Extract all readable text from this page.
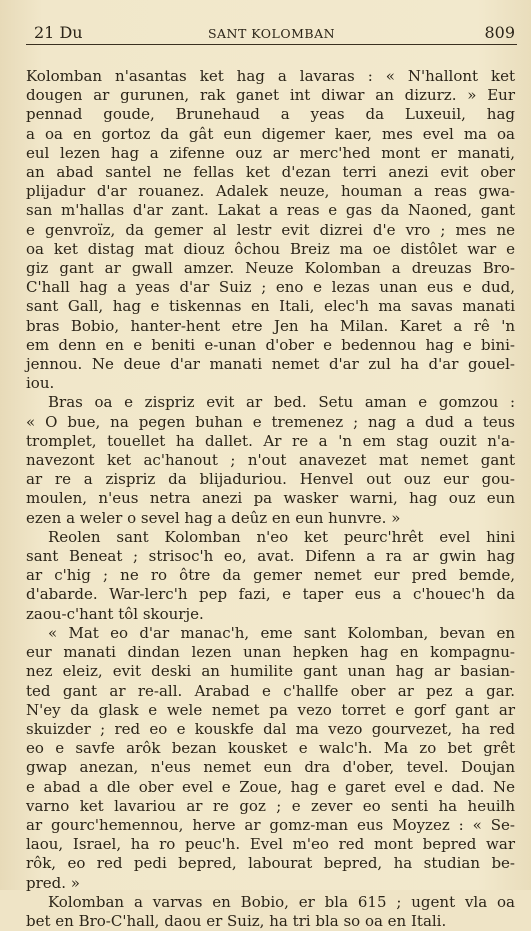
21 Du	SANT KOLOMBAN	809
Kolomban n'asantas ket hag a lavaras : « N'hallont ket
dougen ar gurunen, rak ganet int diwar an dizurz. » Eur
pennad goude, Brunehaud a yeas da Luxeuil, hag
a oa en gortoz da gât eun digemer kaer, mes evel ma oa
eul lezen hag a zifenne ouz ar merc'hed mont er manati,
an abad santel ne fellas ket d'ezan terri anezi evit ober
plijadur d'ar rouanez. Adalek neuze, houman a reas gwa-
san m'hallas d'ar zant. Lakat a reas e gas da Naoned, gant
e genvroïz, da gemer al lestr evit dizrei d'e vro ; mes ne
oa ket distag mat diouz ôchou Breiz ma oe distôlet war e
giz gant ar gwall amzer. Neuze Kolomban a dreuzas Bro-
C'hall hag a yeas d'ar Suiz ; eno e lezas unan eus e dud,
sant Gall, hag e tiskennas en Itali, elec'h ma savas manati
bras Bobio, hanter-hent etre Jen ha Milan. Karet a rê 'n
em denn en e beniti e-unan d'ober e bedennou hag e bini-
jennou. Ne deue d'ar manati nemet d'ar zul ha d'ar gouel-
iou.
Bras oa e zispriz evit ar bed. Setu aman e gomzou :
« O bue, na pegen buhan e tremenez ; nag a dud a teus
tromplet, touellet ha dallet. Ar re a 'n em stag ouzit n'a-
navezont ket ac'hanout ; n'out anavezet mat nemet gant
ar re a zispriz da blijaduriou. Henvel out ouz eur gou-
moulen, n'eus netra anezi pa wasker warni, hag ouz eun
ezen a weler o sevel hag a deûz en eun hunvre. »
Reolen sant Kolomban n'eo ket peurc'hrêt evel hini
sant Beneat ; strisoc'h eo, avat. Difenn a ra ar gwin hag
ar c'hig ; ne ro ôtre da gemer nemet eur pred bemde,
d'abarde. War-lerc'h pep fazi, e taper eus a c'houec'h da
zaou-c'hant tôl skourje.
« Mat eo d'ar manac'h, eme sant Kolomban, bevan en
eur manati dindan lezen unan hepken hag en kompagnu-
nez eleiz, evit deski an humilite gant unan hag ar basian-
ted gant ar re-all. Arabad e c'hallfe ober ar pez a gar.
N'ey da glask e wele nemet pa vezo torret e gorf gant ar
skuizder ; red eo e kouskfe dal ma vezo gourvezet, ha red
eo e savfe arôk bezan kousket e walc'h. Ma zo bet grêt
gwap anezan, n'eus nemet eun dra d'ober, tevel. Doujan
e abad a dle ober evel e Zoue, hag e garet evel e dad. Ne
varno ket lavariou ar re goz ; e zever eo senti ha heuilh
ar gourc'hemennou, herve ar gomz-man eus Moyzez : « Se-
laou, Israel, ha ro peuc'h. Evel m'eo red mont bepred war
rôk, eo red pedi bepred, labourat bepred, ha studian be-
pred. »
Kolomban a varvas en Bobio, er bla 615 ; ugent vla oa
bet en Bro-C'hall, daou er Suiz, ha tri bla so oa en Itali.
